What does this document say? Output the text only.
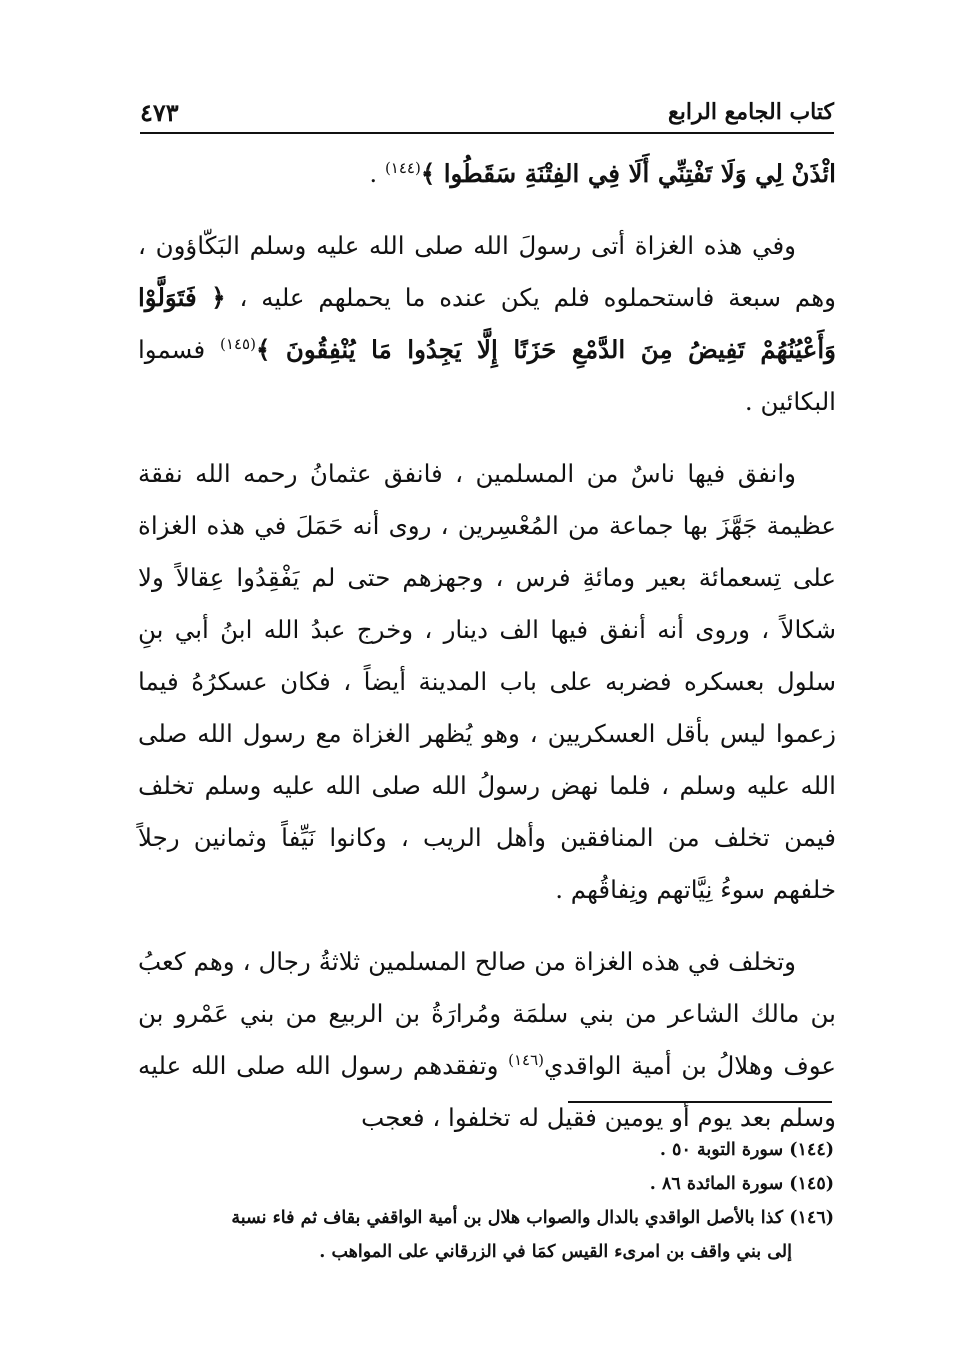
كتاب الجامع الرابع
٤٧٣

ائْذَنْ لِي وَلَا تَفْتِنِّي أَلَا فِي الفِتْنَةِ سَقَطُوا ﴾$^{(١٤٤)}$ .

وفي هذه الغزاة أتى رسولَ الله صلى الله عليه وسلم البَكّاؤون ، وهم سبعة فاستحملوه فلم يكن عنده ما يحملهم عليه ، ﴿ فَتَوَلَّوْا وَأَعْيُنُهُمْ تَفِيضُ مِنَ الدَّمْعِ حَزَنًا إِلَّا يَجِدُوا مَا يُنْفِقُونَ ﴾$^{(١٤٥)}$ فسموا البكائين .

وانفق فيها ناسٌ من المسلمين ، فانفق عثمانُ رحمه الله نفقة عظيمة جَهَّزَ بها جماعة من المُعْسِرين ، روى أنه حَمَلَ في هذه الغزاة على تِسعمائة بعير ومائةِ فرس ، وجهزهم حتى لم يَفْقِدُوا عِقالاً ولا شكالاً ، وروى أنه أنفق فيها الف دينار ، وخرج عبدُ الله ابنُ أبي بنِ سلول بعسكره فضربه على باب المدينة أيضاً ، فكان عسكرُهُ فيما زعموا ليس بأقل العسكريين ، وهو يُظهر الغزاة مع رسول الله صلى الله عليه وسلم ، فلما نهض رسولُ الله صلى الله عليه وسلم تخلف فيمن تخلف من المنافقين وأهل الريب ، وكانوا نَيِّفاً وثمانين رجلاً خلفهم سوءُ نِيَّاتهم ونِفاقُهم .

وتخلف في هذه الغزاة من صالح المسلمين ثلاثةُ رجال ، وهم كعبُ بن مالك الشاعر من بني سلمَة ومُرارَةُ بن الربيع من بني عَمْرو بن عوف وهلالُ بن أمية الواقدي$^{(١٤٦)}$ وتفقدهم رسول الله صلى الله عليه وسلم بعد يوم أو يومين فقيل له تخلفوا ، فعجب

(١٤٤) سورة التوبة ٥٠ .

(١٤٥) سورة المائدة ٨٦ .

(١٤٦) كذا بالأصل الواقدي بالدال والصواب هلال بن أمية الواقفي بقاف ثم فاء نسبة

إلى بني واقف بن امرىء القيس كمَا في الزرقاني على المواهب .
